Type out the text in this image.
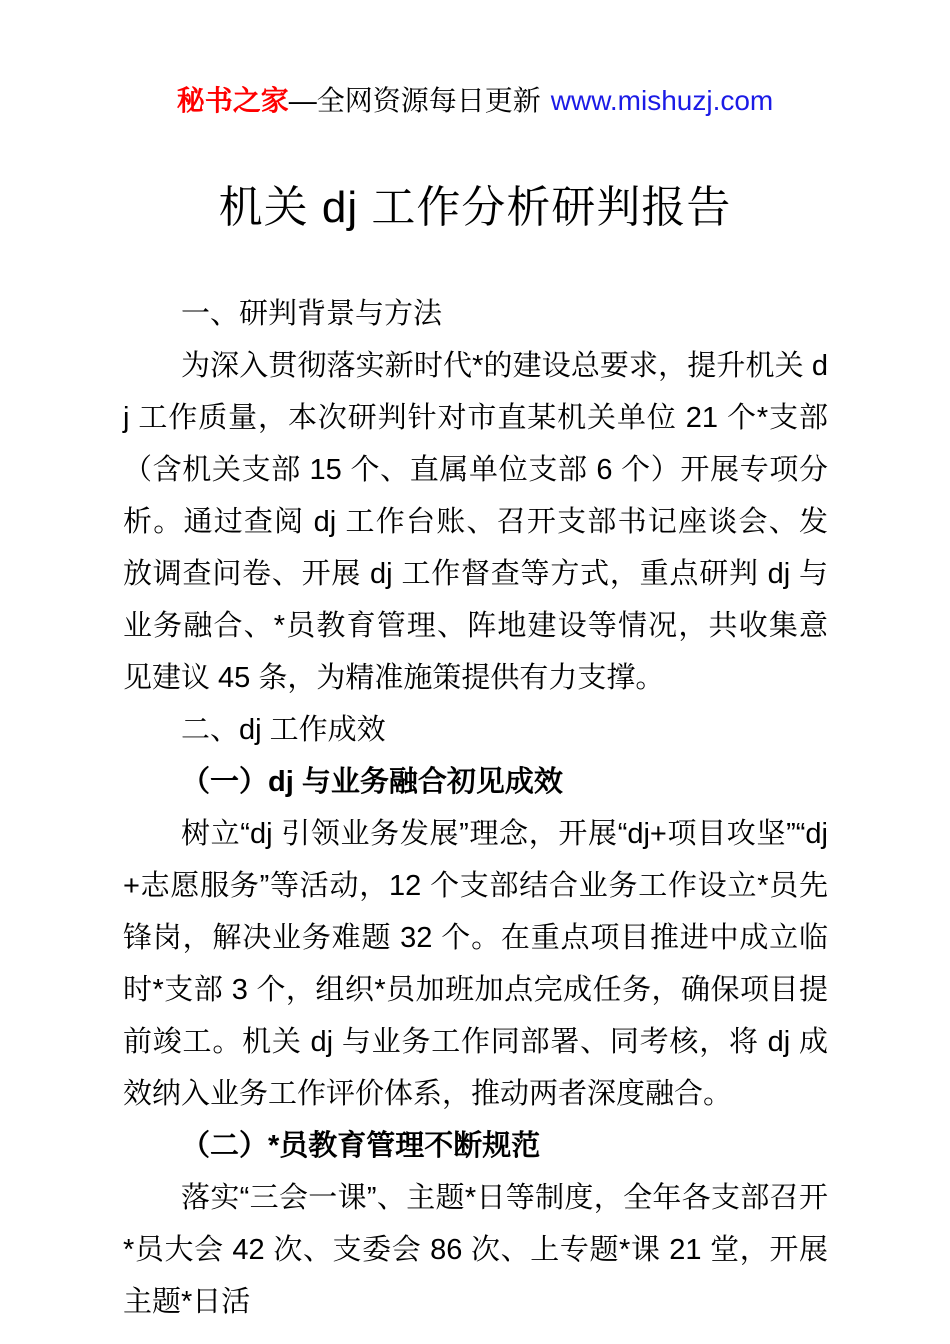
秘书之家—全网资源每日更新 www.mishuzj.com
机关 dj 工作分析研判报告

一、研判背景与方法

为深入贯彻落实新时代*的建设总要求，提升机关 dj 工作质量，本次研判针对市直某机关单位 21 个*支部（含机关支部 15 个、直属单位支部 6 个）开展专项分析。通过查阅 dj 工作台账、召开支部书记座谈会、发放调查问卷、开展 dj 工作督查等方式，重点研判 dj 与业务融合、*员教育管理、阵地建设等情况，共收集意见建议 45 条，为精准施策提供有力支撑。

二、dj 工作成效

（一）dj 与业务融合初见成效

树立“dj 引领业务发展”理念，开展“dj+项目攻坚”“dj+志愿服务”等活动，12 个支部结合业务工作设立*员先锋岗，解决业务难题 32 个。在重点项目推进中成立临时*支部 3 个，组织*员加班加点完成任务，确保项目提前竣工。机关 dj 与业务工作同部署、同考核，将 dj 成效纳入业务工作评价体系，推动两者深度融合。

（二）*员教育管理不断规范

落实“三会一课”、主题*日等制度，全年各支部召开*员大会 42 次、支委会 86 次、上专题*课 21 堂，开展主题*日活
